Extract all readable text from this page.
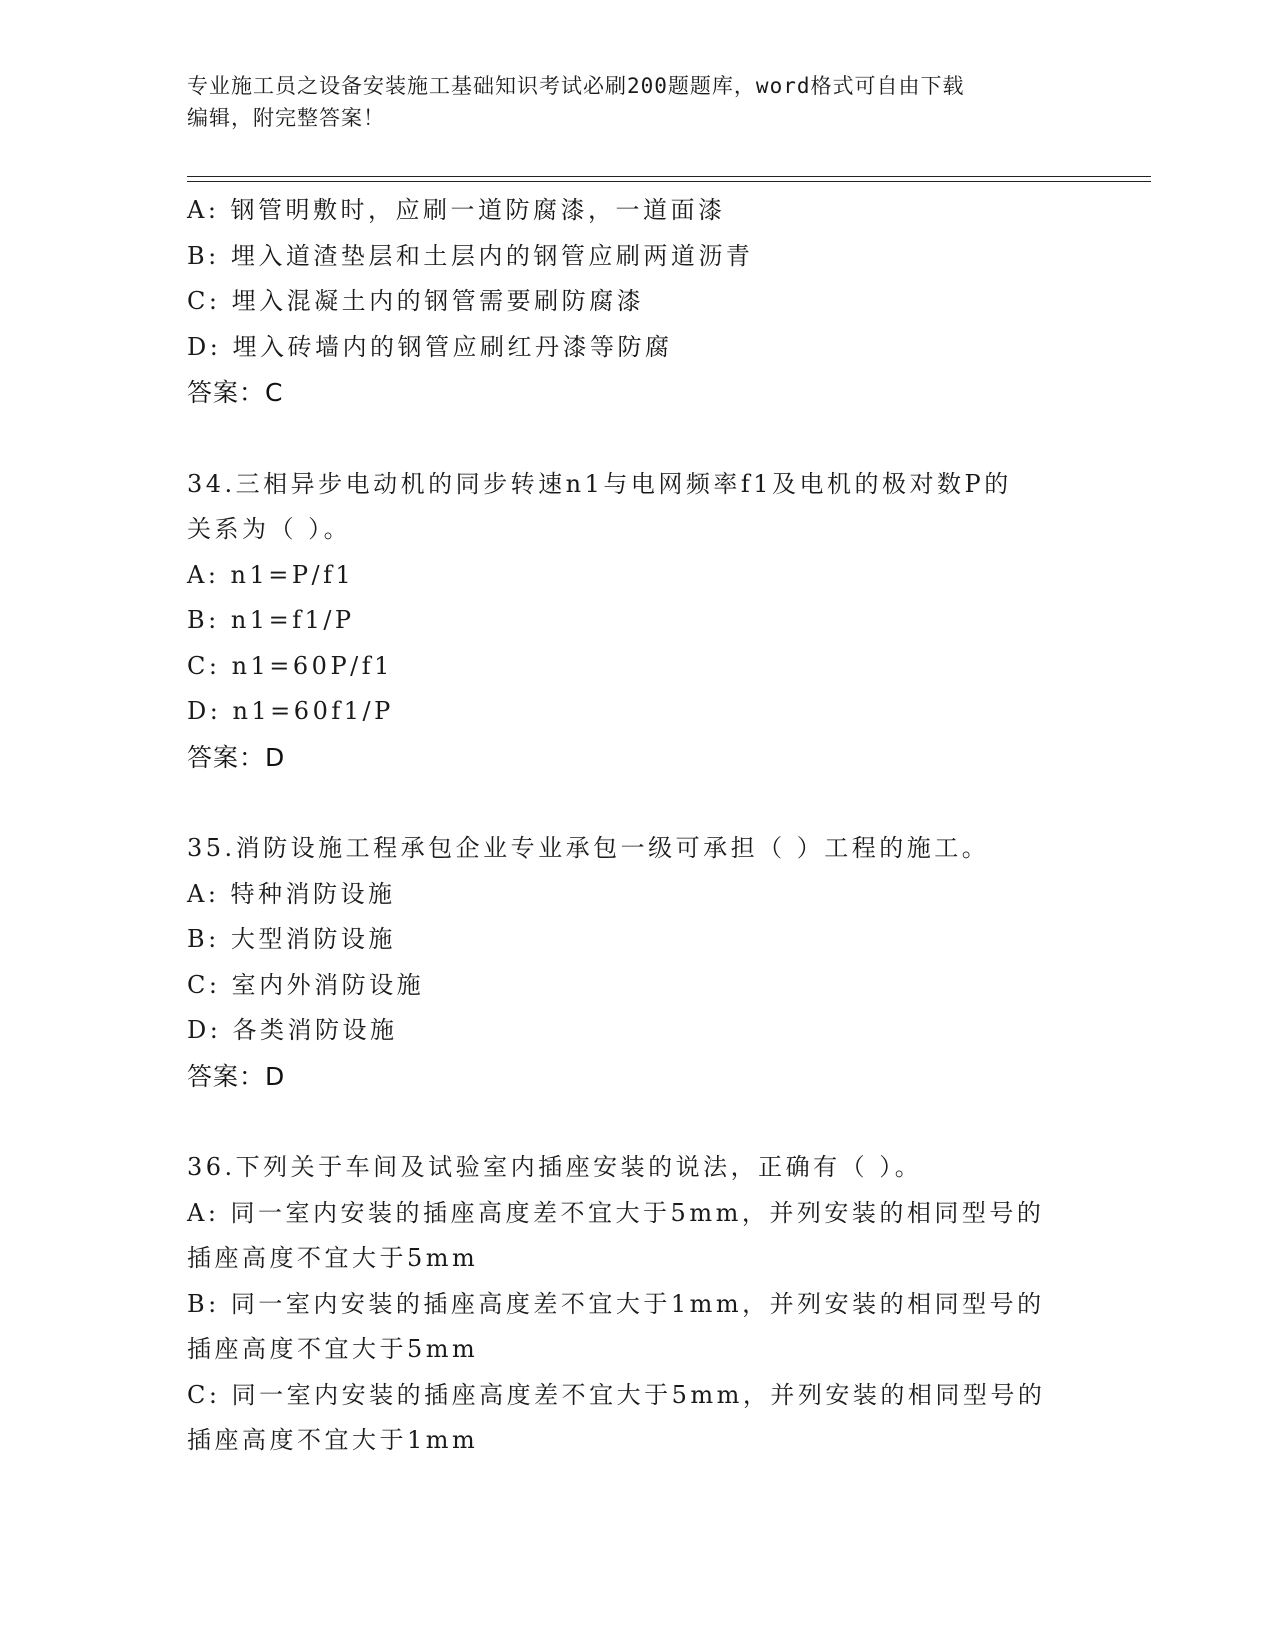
专业施工员之设备安装施工基础知识考试必刷200题题库，word格式可自由下载
编辑，附完整答案！
A: 钢管明敷时，应刷一道防腐漆，一道面漆
B: 埋入道渣垫层和土层内的钢管应刷两道沥青
C: 埋入混凝土内的钢管需要刷防腐漆
D: 埋入砖墙内的钢管应刷红丹漆等防腐
答案：C
34.三相异步电动机的同步转速n1与电网频率f1及电机的极对数P的
关系为（ ）。
A: n1=P/f1
B: n1=f1/P
C: n1=60P/f1
D: n1=60f1/P
答案：D
35.消防设施工程承包企业专业承包一级可承担（ ）工程的施工。
A: 特种消防设施
B: 大型消防设施
C: 室内外消防设施
D: 各类消防设施
答案：D
36.下列关于车间及试验室内插座安装的说法，正确有（ ）。
A: 同一室内安装的插座高度差不宜大于5mm，并列安装的相同型号的
插座高度不宜大于5mm
B: 同一室内安装的插座高度差不宜大于1mm，并列安装的相同型号的
插座高度不宜大于5mm
C: 同一室内安装的插座高度差不宜大于5mm，并列安装的相同型号的
插座高度不宜大于1mm
